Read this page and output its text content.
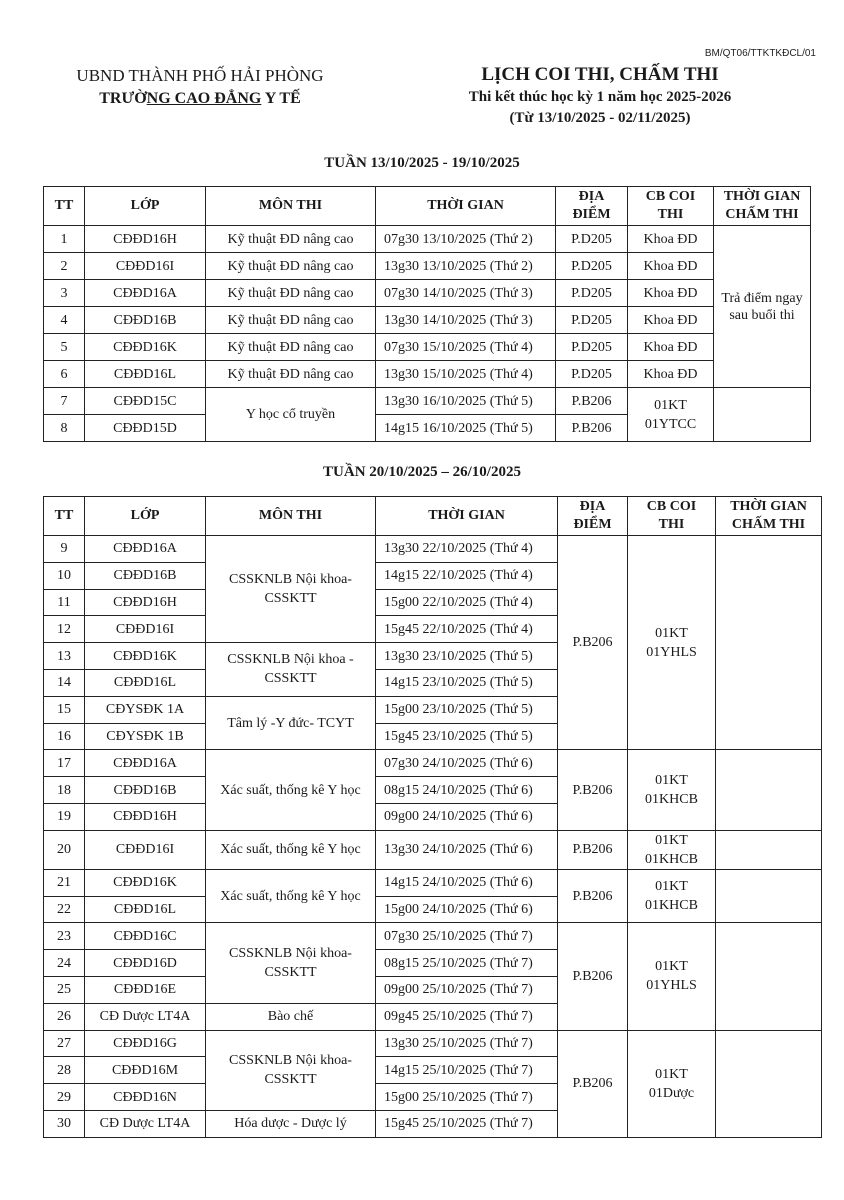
BM/QT06/TTKTKĐCL/01
UBND THÀNH PHỐ HẢI PHÒNG
TRƯỜNG CAO ĐẲNG Y TẾ
LỊCH COI THI, CHẤM THI
Thi kết thúc học kỳ 1 năm học 2025-2026
(Từ 13/10/2025 - 02/11/2025)
TUẦN 13/10/2025 - 19/10/2025
TT	LỚP	MÔN THI	THỜI GIAN	ĐỊA
ĐIỂM	CB COI
THI	THỜI GIAN
CHẤM THI
1	CĐĐD16H	Kỹ thuật ĐD nâng cao	07g30 13/10/2025 (Thứ 2)	P.D205	Khoa ĐD	Trả điểm ngay
sau buổi thi
2	CĐĐD16I	Kỹ thuật ĐD nâng cao	13g30 13/10/2025 (Thứ 2)	P.D205	Khoa ĐD	
3	CĐĐD16A	Kỹ thuật ĐD nâng cao	07g30 14/10/2025 (Thứ 3)	P.D205	Khoa ĐD	
4	CĐĐD16B	Kỹ thuật ĐD nâng cao	13g30 14/10/2025 (Thứ 3)	P.D205	Khoa ĐD	
5	CĐĐD16K	Kỹ thuật ĐD nâng cao	07g30 15/10/2025 (Thứ 4)	P.D205	Khoa ĐD	
6	CĐĐD16L	Kỹ thuật ĐD nâng cao	13g30 15/10/2025 (Thứ 4)	P.D205	Khoa ĐD	
7	CĐĐD15C	Y học cổ truyền	13g30 16/10/2025 (Thứ 5)	P.B206	01KT
01YTCC	
8	CĐĐD15D		14g15 16/10/2025 (Thứ 5)	P.B206		
TUẦN 20/10/2025 – 26/10/2025
TT	LỚP	MÔN THI	THỜI GIAN	ĐỊA
ĐIỂM	CB COI
THI	THỜI GIAN
CHẤM THI
9	CĐĐD16A	CSSKNLB Nội khoa-
CSSKTT	13g30 22/10/2025 (Thứ 4)	P.B206	01KT
01YHLS	
10	CĐĐD16B		14g15 22/10/2025 (Thứ 4)			
11	CĐĐD16H		15g00 22/10/2025 (Thứ 4)			
12	CĐĐD16I		15g45 22/10/2025 (Thứ 4)			
13	CĐĐD16K	CSSKNLB Nội khoa -
CSSKTT	13g30 23/10/2025 (Thứ 5)			
14	CĐĐD16L		14g15 23/10/2025 (Thứ 5)			
15	CĐYSĐK 1A	Tâm lý -Y đức- TCYT	15g00 23/10/2025 (Thứ 5)			
16	CĐYSĐK 1B		15g45 23/10/2025 (Thứ 5)			
17	CĐĐD16A	Xác suất, thống kê Y học	07g30 24/10/2025 (Thứ 6)	P.B206	01KT
01KHCB	
18	CĐĐD16B		08g15 24/10/2025 (Thứ 6)			
19	CĐĐD16H		09g00 24/10/2025 (Thứ 6)			
20	CĐĐD16I	Xác suất, thống kê Y học	13g30 24/10/2025 (Thứ 6)	P.B206	01KT
01KHCB	
21	CĐĐD16K	Xác suất, thống kê Y học	14g15 24/10/2025 (Thứ 6)	P.B206	01KT
01KHCB	
22	CĐĐD16L		15g00 24/10/2025 (Thứ 6)			
23	CĐĐD16C	CSSKNLB Nội khoa-
CSSKTT	07g30 25/10/2025 (Thứ 7)	P.B206	01KT
01YHLS	
24	CĐĐD16D		08g15 25/10/2025 (Thứ 7)			
25	CĐĐD16E		09g00 25/10/2025 (Thứ 7)			
26	CĐ Dược LT4A	Bào chế	09g45 25/10/2025 (Thứ 7)			
27	CĐĐD16G	CSSKNLB Nội khoa-
CSSKTT	13g30 25/10/2025 (Thứ 7)	P.B206	01KT
01Dược	
28	CĐĐD16M		14g15 25/10/2025 (Thứ 7)			
29	CĐĐD16N		15g00 25/10/2025 (Thứ 7)			
30	CĐ Dược LT4A	Hóa dược - Dược lý	15g45 25/10/2025 (Thứ 7)			
